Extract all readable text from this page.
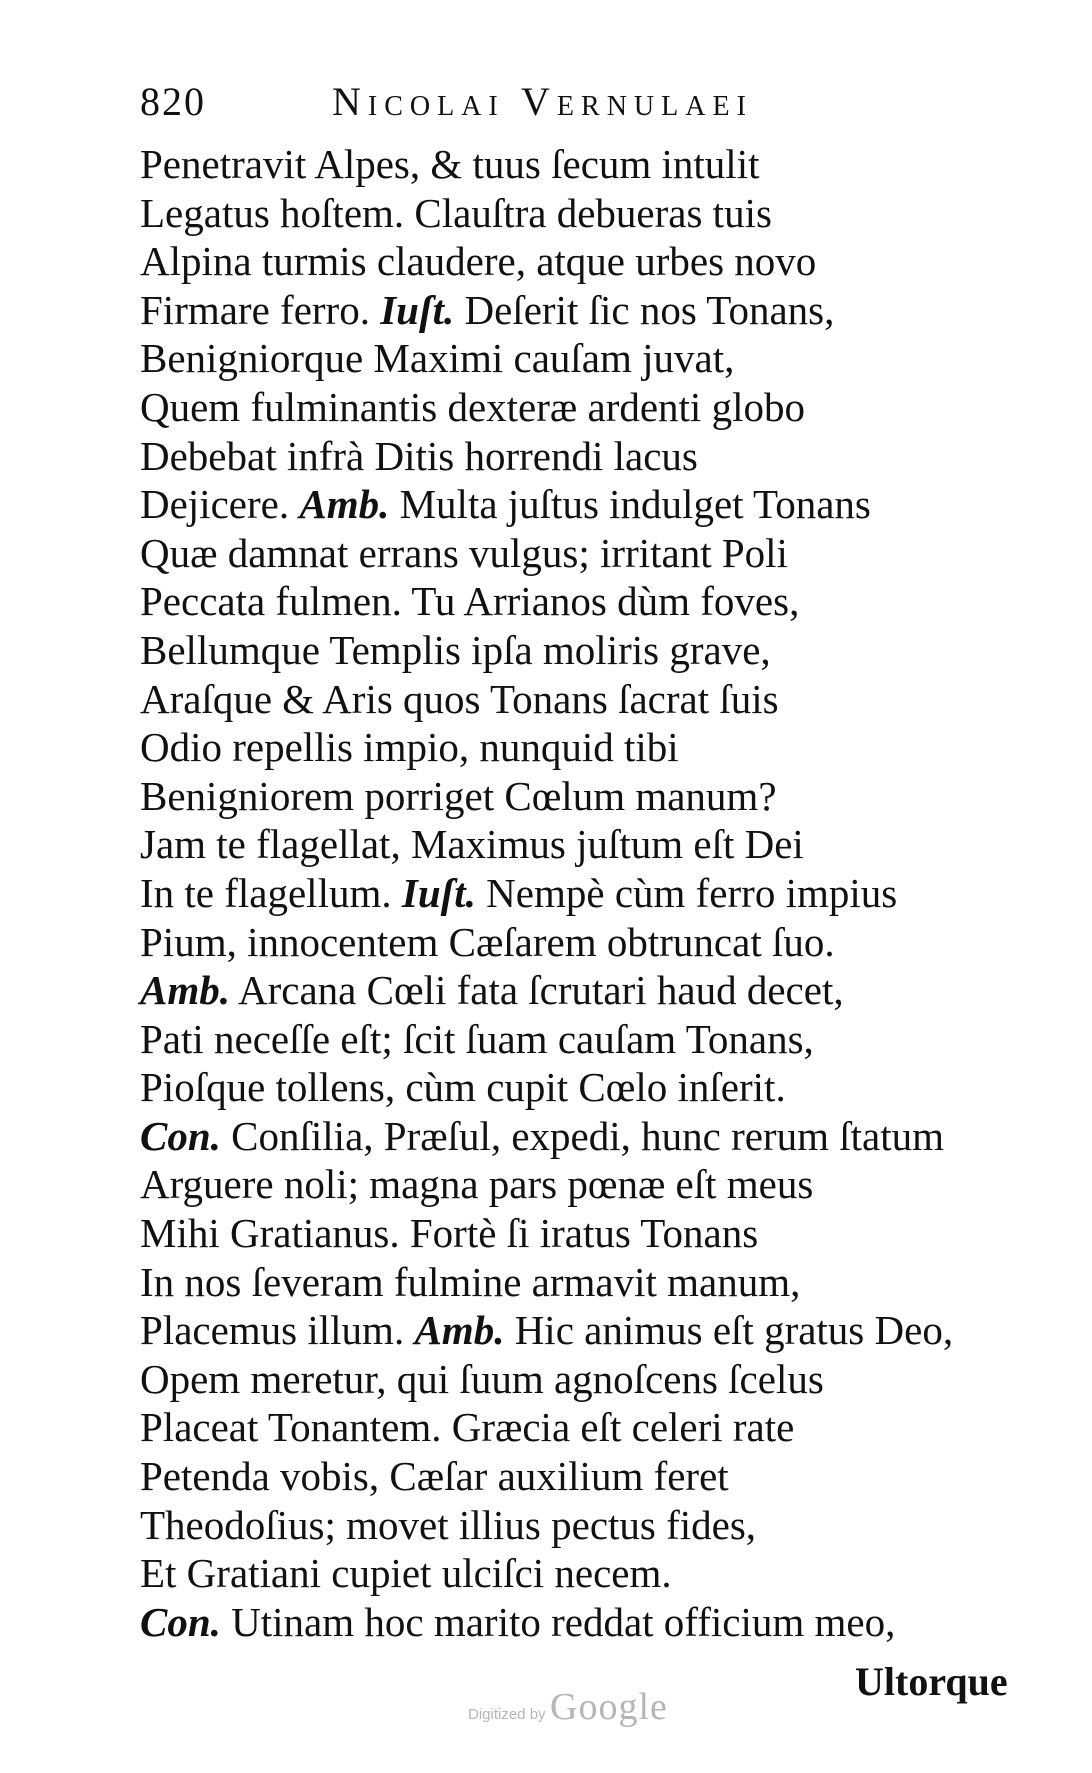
820	Nicolai Vernulaei
Penetravit Alpes, & tuus ſecum intulit
Legatus hoſtem. Clauſtra debueras tuis
Alpina turmis claudere, atque urbes novo
Firmare ferro. Iuſt. Deſerit ſic nos Tonans,
Benigniorque Maximi cauſam juvat,
Quem fulminantis dexteræ ardenti globo
Debebat infrà Ditis horrendi lacus
Dejicere. Amb. Multa juſtus indulget Tonans
Quæ damnat errans vulgus; irritant Poli
Peccata fulmen. Tu Arrianos dùm foves,
Bellumque Templis ipſa moliris grave,
Araſque & Aris quos Tonans ſacrat ſuis
Odio repellis impio, nunquid tibi
Benigniorem porriget Cœlum manum?
Jam te flagellat, Maximus juſtum eſt Dei
In te flagellum. Iuſt. Nempè cùm ferro impius
Pium, innocentem Cæſarem obtruncat ſuo.
Amb. Arcana Cœli fata ſcrutari haud decet,
Pati neceſſe eſt; ſcit ſuam cauſam Tonans,
Pioſque tollens, cùm cupit Cœlo inſerit.
Con. Conſilia, Præſul, expedi, hunc rerum ſtatum
Arguere noli; magna pars pœnæ eſt meus
Mihi Gratianus. Fortè ſi iratus Tonans
In nos ſeveram fulmine armavit manum,
Placemus illum. Amb. Hic animus eſt gratus Deo,
Opem meretur, qui ſuum agnoſcens ſcelus
Placeat Tonantem. Græcia eſt celeri rate
Petenda vobis, Cæſar auxilium feret
Theodoſius; movet illius pectus fides,
Et Gratiani cupiet ulciſci necem.
Con. Utinam hoc marito reddat officium meo,
Ultorque
Digitized by Google
